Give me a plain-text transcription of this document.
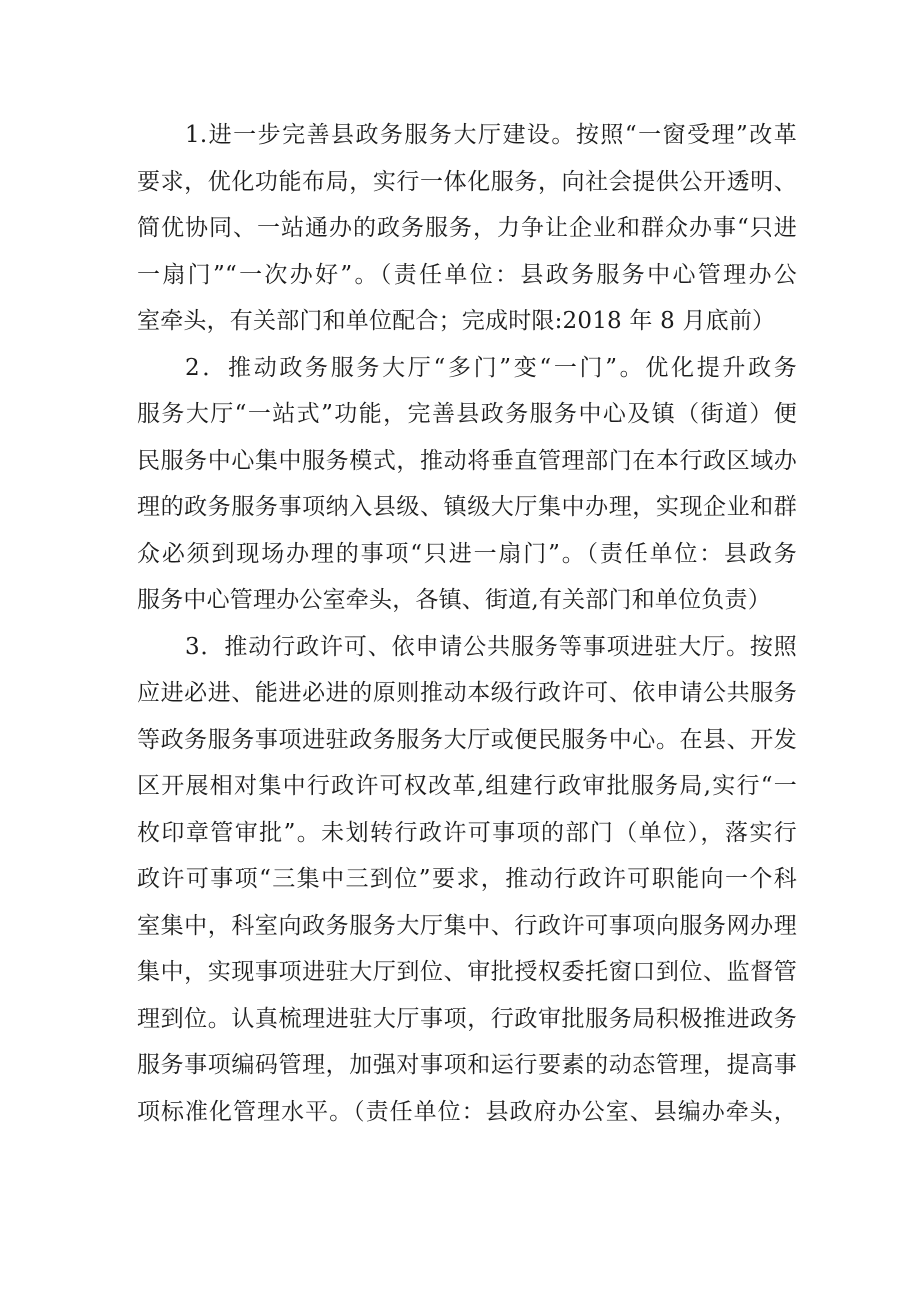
1.进一步完善县政务服务大厅建设。按照“一窗受理”改革
要求，优化功能布局，实行一体化服务，向社会提供公开透明、
简优协同、一站通办的政务服务，力争让企业和群众办事“只进
一扇门”“一次办好”。（责任单位：县政务服务中心管理办公
室牵头，有关部门和单位配合；完成时限:2018 年 8 月底前）
2．推动政务服务大厅“多门”变“一门”。优化提升政务
服务大厅“一站式”功能，完善县政务服务中心及镇（街道）便
民服务中心集中服务模式，推动将垂直管理部门在本行政区域办
理的政务服务事项纳入县级、镇级大厅集中办理，实现企业和群
众必须到现场办理的事项“只进一扇门”。（责任单位：县政务
服务中心管理办公室牵头，各镇、街道,有关部门和单位负责）
3．推动行政许可、依申请公共服务等事项进驻大厅。按照
应进必进、能进必进的原则推动本级行政许可、依申请公共服务
等政务服务事项进驻政务服务大厅或便民服务中心。在县、开发
区开展相对集中行政许可权改革,组建行政审批服务局,实行“一
枚印章管审批”。未划转行政许可事项的部门（单位），落实行
政许可事项“三集中三到位”要求，推动行政许可职能向一个科
室集中，科室向政务服务大厅集中、行政许可事项向服务网办理
集中，实现事项进驻大厅到位、审批授权委托窗口到位、监督管
理到位。认真梳理进驻大厅事项，行政审批服务局积极推进政务
服务事项编码管理，加强对事项和运行要素的动态管理，提高事
项标准化管理水平。（责任单位：县政府办公室、县编办牵头，
